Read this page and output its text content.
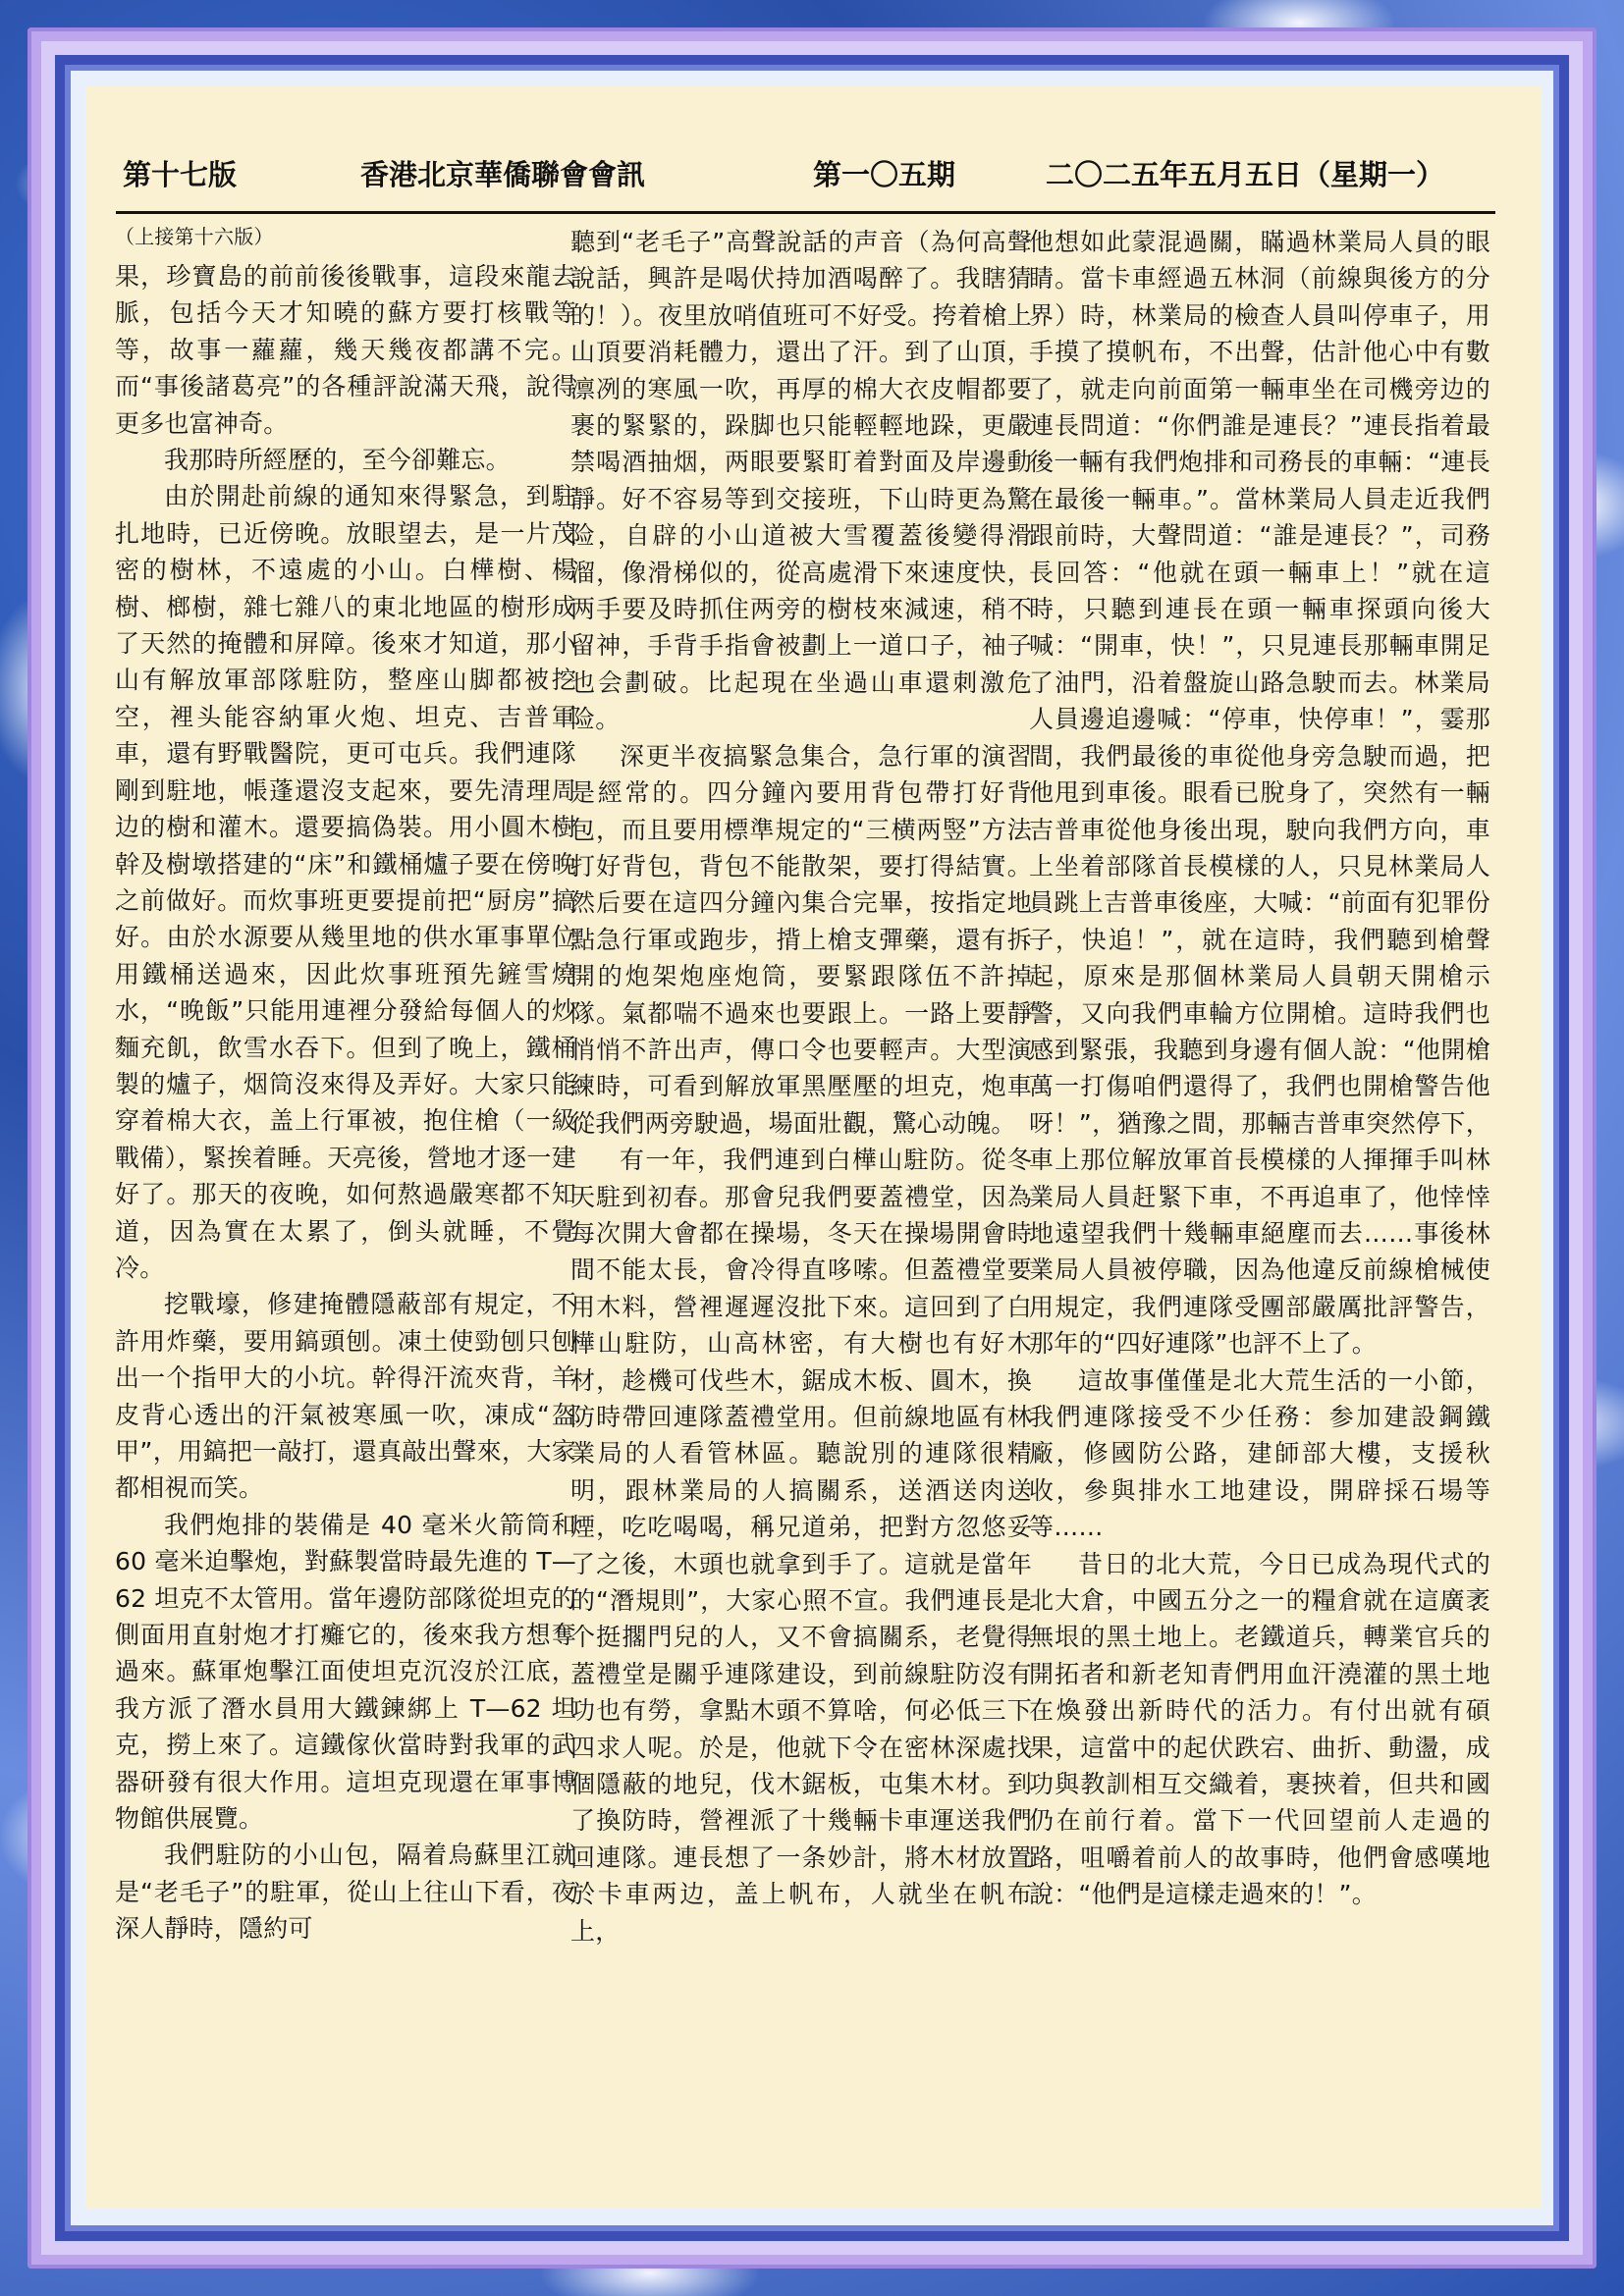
第十七版	香港北京華僑聯會會訊	第一〇五期	二〇二五年五月五日（星期一）

（上接第十六版）

果，珍寶島的前前後後戰事，這段來龍去脈，包括今天才知曉的蘇方要打核戰等等，故事一蘿蘿，幾天幾夜都講不完。而“事後諸葛亮”的各種評說滿天飛，說得更多也富神奇。

我那時所經歷的，至今卻難忘。

由於開赴前線的通知來得緊急，到駐扎地時，已近傍晚。放眼望去，是一片茂密的樹林，不遠處的小山。白樺樹、楊樹、榔樹，雜七雜八的東北地區的樹形成了天然的掩體和屏障。後來才知道，那小山有解放軍部隊駐防，整座山脚都被挖空，裡头能容納軍火炮、坦克、吉普軍車，還有野戰醫院，更可屯兵。我們連隊剛到駐地，帳蓬還沒支起來，要先清理周边的樹和灌木。還要搞偽裝。用小圓木樹幹及樹墩搭建的“床”和鐵桶爐子要在傍晚之前做好。而炊事班更要提前把“厨房”搞好。由於水源要从幾里地的供水軍事單位用鐵桶送過來，因此炊事班預先鏟雪燒水，“晚飯”只能用連裡分發給每個人的炒麵充飢，飲雪水吞下。但到了晚上，鐵桶製的爐子，烟筒沒來得及弄好。大家只能穿着棉大衣，盖上行軍被，抱住槍（一級戰備），緊挨着睡。天亮後，營地才逐一建好了。那天的夜晚，如何熬過嚴寒都不知道，因為實在太累了，倒头就睡，不覺冷。

挖戰壕，修建掩體隱蔽部有規定，不許用炸藥，要用鎬頭刨。凍土使勁刨只刨出一个指甲大的小坑。幹得汗流夾背，羊皮背心透出的汗氣被寒風一吹，凍成“盔甲”，用鎬把一敲打，還真敲出聲來，大家都相視而笑。

我們炮排的裝備是 40 毫米火箭筒和 60 毫米迫擊炮，對蘇製當時最先進的 T—62 坦克不太管用。當年邊防部隊從坦克的側面用直射炮才打癱它的，後來我方想奪過來。蘇軍炮擊江面使坦克沉沒於江底，我方派了潛水員用大鐵鍊綁上 T—62 坦克，撈上來了。這鐵傢伙當時對我軍的武器研發有很大作用。這坦克现還在軍事博物館供展覽。

我們駐防的小山包，隔着烏蘇里江就是“老毛子”的駐軍，從山上往山下看，夜深人靜時，隱約可

聽到“老毛子”高聲說話的声音（為何高聲說話，興許是喝伏持加酒喝醉了。我瞎猜的！）。夜里放哨值班可不好受。挎着槍上山頂要消耗體力，還出了汗。到了山頂，凛冽的寒風一吹，再厚的棉大衣皮帽都要裹的緊緊的，跺脚也只能輕輕地跺，更嚴禁喝酒抽烟，两眼要緊盯着對面及岸邊動靜。好不容易等到交接班，下山時更為驚险，自辟的小山道被大雪覆蓋後變得滑溜，像滑梯似的，從高處滑下來速度快，两手要及時抓住两旁的樹枝來減速，稍不留神，手背手指會被劃上一道口子，袖子也会劃破。比起現在坐過山車還刺激危险。

深更半夜搞緊急集合，急行軍的演習是經常的。四分鐘內要用背包帶打好背包，而且要用標準規定的“三横两竪”方法打好背包，背包不能散架，要打得結實。然后要在這四分鐘內集合完畢，按指定地點急行軍或跑步，揹上槍支彈藥，還有拆開的炮架炮座炮筒，要緊跟隊伍不許掉隊。氣都喘不過來也要跟上。一路上要靜悄悄不許出声，傳口令也要輕声。大型演練時，可看到解放軍黑壓壓的坦克，炮車從我們两旁駛過，場面壯觀，驚心动魄。

有一年，我們連到白樺山駐防。從冬天駐到初春。那會兒我們要蓋禮堂，因為每次開大會都在操場，冬天在操場開會時間不能太長，會冷得直哆嗦。但蓋禮堂要用木料，營裡遲遲沒批下來。這回到了白樺山駐防，山高林密，有大樹也有好木材，趁機可伐些木，鋸成木板、圓木，換防時帶回連隊蓋禮堂用。但前線地區有林業局的人看管林區。聽說別的連隊很精明，跟林業局的人搞關系，送酒送肉送煙，吃吃喝喝，稱兄道弟，把對方忽悠妥了之後，木頭也就拿到手了。這就是當年的“潛規則”，大家心照不宣。我們連長是个挺擱門兒的人，又不會搞關系，老覺得蓋禮堂是關乎連隊建设，到前線駐防沒有功也有勞，拿點木頭不算啥，何必低三下四求人呢。於是，他就下令在密林深處找個隱蔽的地兒，伐木鋸板，屯集木材。到了換防時，營裡派了十幾輛卡車運送我們回連隊。連長想了一条妙計，將木材放置於卡車两边，盖上帆布，人就坐在帆布上，

他想如此蒙混過關，瞞過林業局人員的眼睛。當卡車經過五林洞（前線與後方的分界）時，林業局的檢查人員叫停車子，用手摸了摸帆布，不出聲，估計他心中有數了，就走向前面第一輛車坐在司機旁边的連長問道：“你們誰是連長？”連長指着最後一輛有我們炮排和司務長的車輛：“連長在最後一輛車。”。當林業局人員走近我們跟前時，大聲問道：“誰是連長？”，司務長回答：“他就在頭一輛車上！”就在這時，只聽到連長在頭一輛車探頭向後大喊：“開車，快！”，只見連長那輛車開足了油門，沿着盤旋山路急駛而去。林業局人員邊追邊喊：“停車，快停車！”，霎那間，我們最後的車從他身旁急駛而過，把他甩到車後。眼看已脫身了，突然有一輛吉普車從他身後出現，駛向我們方向，車上坐着部隊首長模樣的人，只見林業局人員跳上吉普車後座，大喊：“前面有犯罪份子，快追！”，就在這時，我們聽到槍聲起，原來是那個林業局人員朝天開槍示警，又向我們車輪方位開槍。這時我們也感到緊張，我聽到身邊有個人說：“他開槍萬一打傷咱們還得了，我們也開槍警告他呀！”，猶豫之間，那輛吉普車突然停下，車上那位解放軍首長模樣的人揮揮手叫林業局人員赶緊下車，不再追車了，他悻悻地遠望我們十幾輛車絕塵而去……事後林業局人員被停職，因為他違反前線槍械使用規定，我們連隊受團部嚴厲批評警告，那年的“四好連隊”也評不上了。

這故事僅僅是北大荒生活的一小節，我們連隊接受不少任務：参加建設鋼鐵廠，修國防公路，建師部大樓，支援秋收，參與排水工地建设，開辟採石場等等……

昔日的北大荒，今日已成為現代式的北大倉，中國五分之一的糧倉就在這廣袤無垠的黑土地上。老鐵道兵，轉業官兵的開拓者和新老知青們用血汗澆灌的黑土地在煥發出新時代的活力。有付出就有碩果，這當中的起伏跌宕、曲折、動盪，成功與教訓相互交織着，裹挾着，但共和國仍在前行着。當下一代回望前人走過的路，咀嚼着前人的故事時，他們會感嘆地說：“他們是這樣走過來的！”。
